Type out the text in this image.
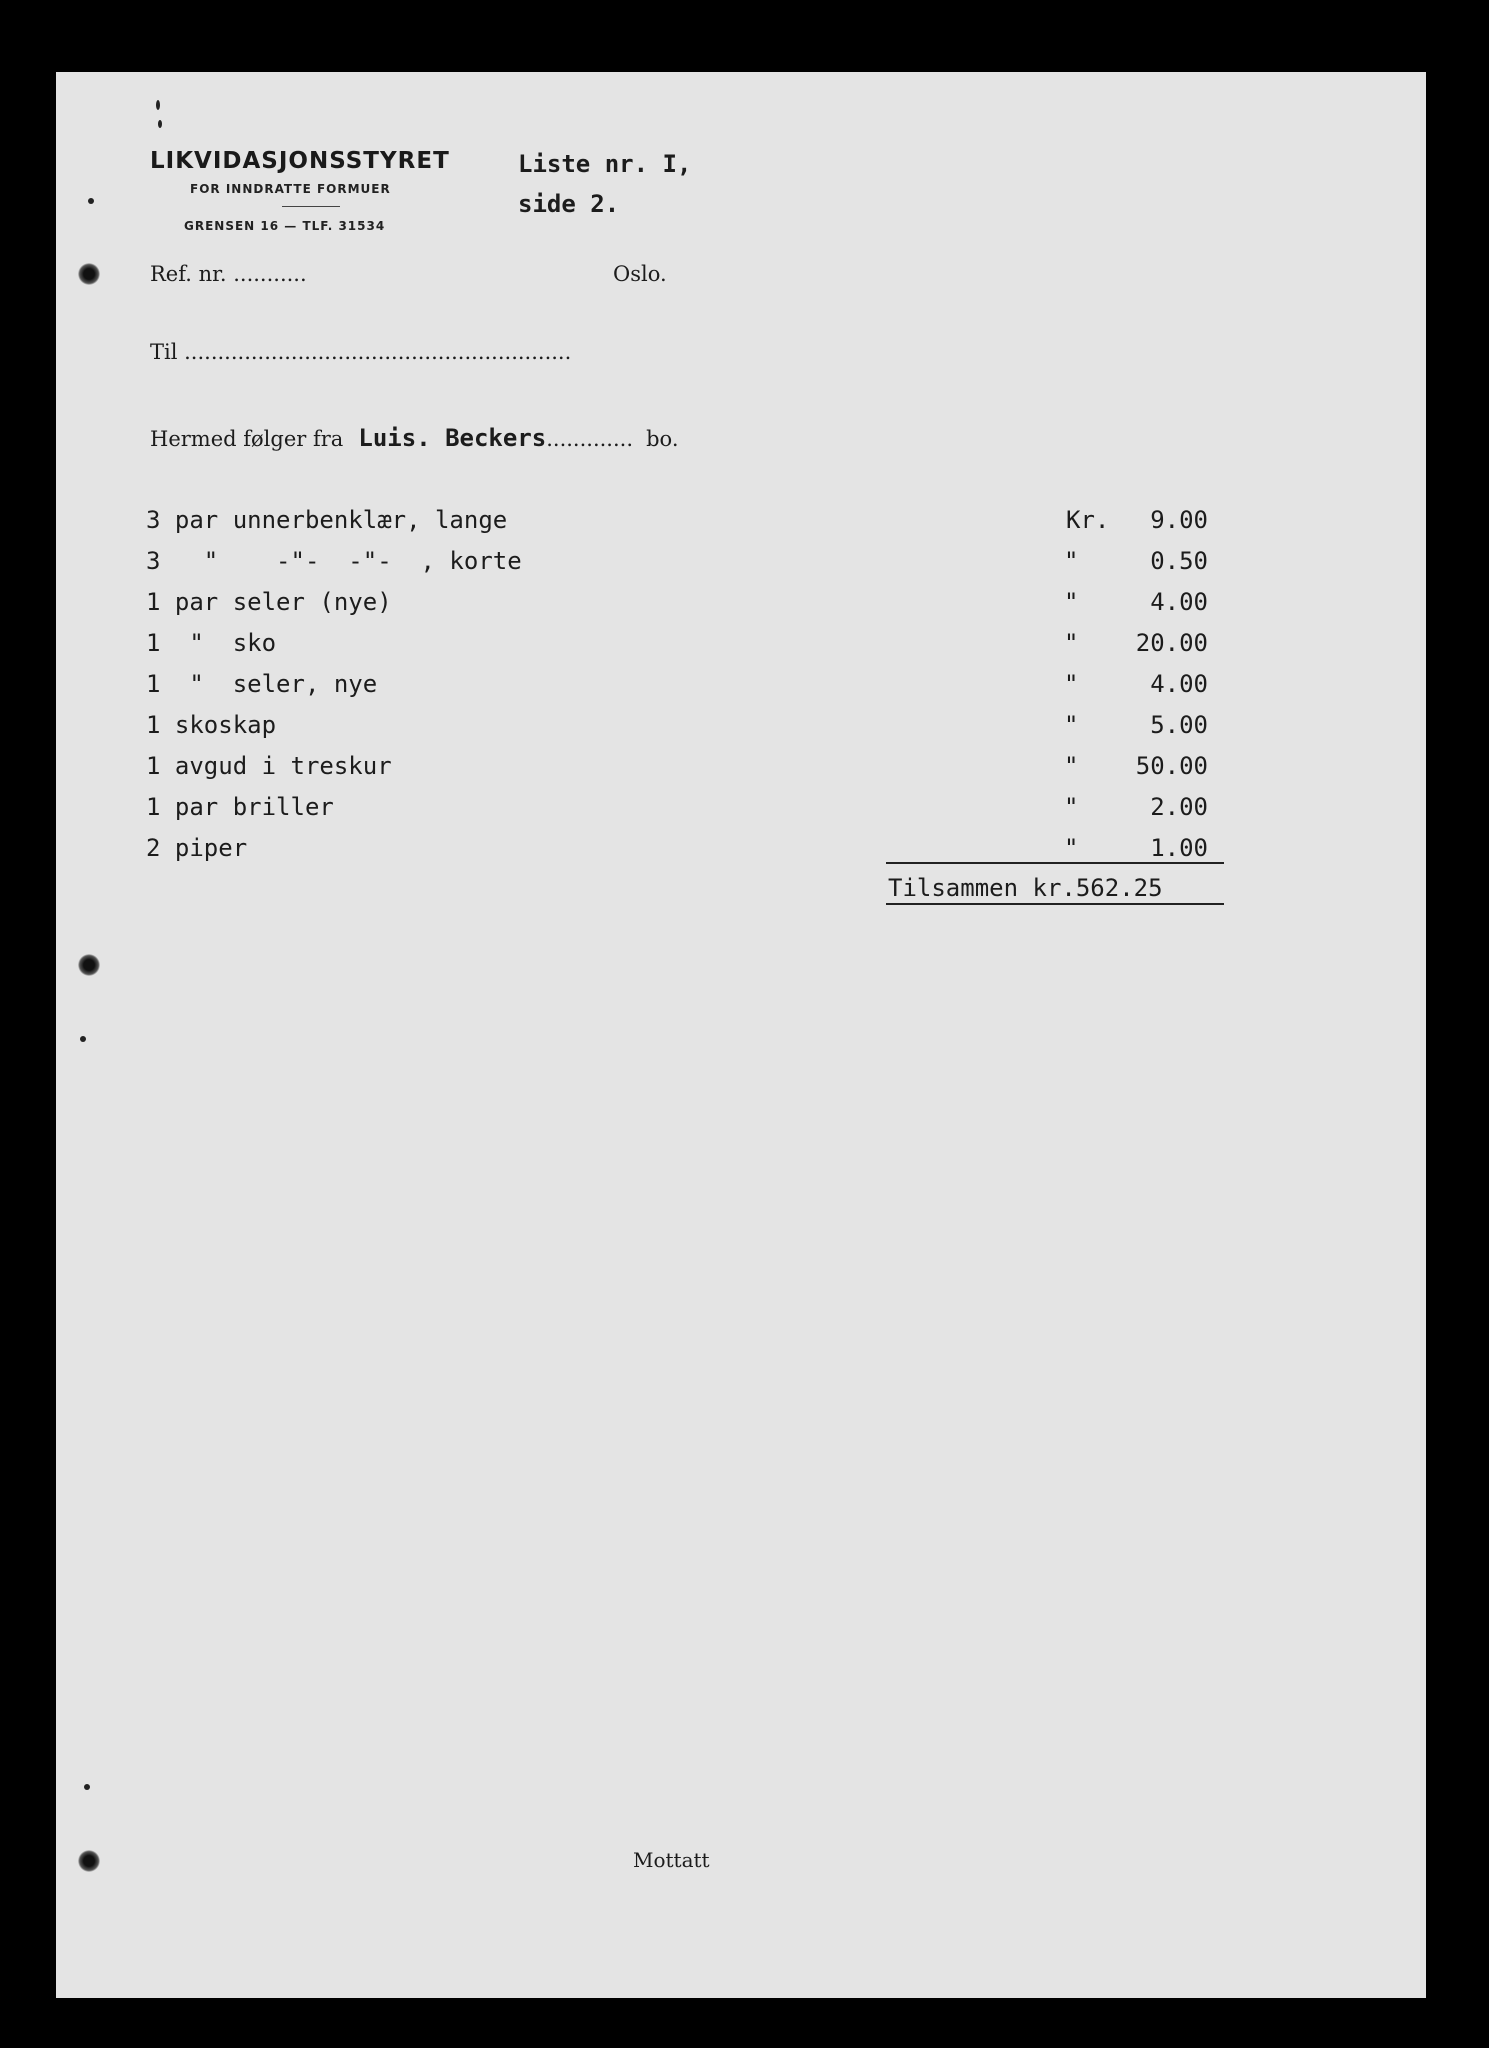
LIKVIDASJONSSTYRET
FOR INNDRATTE FORMUER
GRENSEN 16 — TLF. 31534
Liste nr. I,
side 2.
Ref. nr. ...........	Oslo.
Til ..........................................................
Hermed følger fra Luis. Beckers............. bo.
3 par unnerbenklær, lange	Kr.	9.00
3   "    -"-  -"-  , korte	"	0.50
1 par seler (nye)	"	4.00
1  "  sko	"	20.00
1  "  seler, nye	"	4.00
1 skoskap	"	5.00
1 avgud i treskur	"	50.00
1 par briller	"	2.00
2 piper	"	1.00
Tilsammen kr.562.25
Mottatt
